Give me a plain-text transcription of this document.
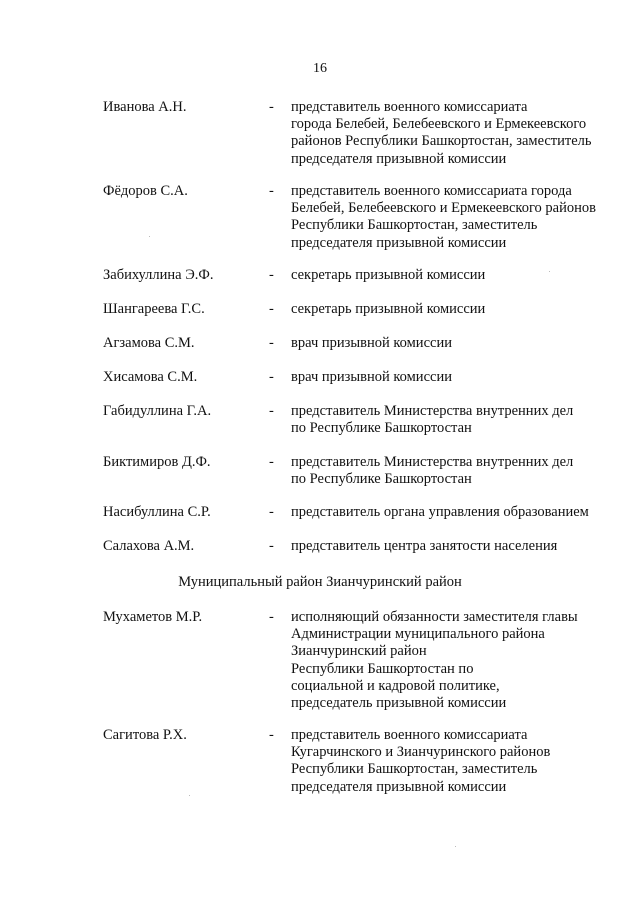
16
Иванова А.Н.	- представитель военного комиссариата
города Белебей, Белебеевского и Ермекеевского
районов Республики Башкортостан, заместитель
председателя призывной комиссии
Фёдоров С.А.	- представитель военного комиссариата города
Белебей, Белебеевского и Ермекеевского районов
Республики Башкортостан, заместитель
председателя призывной комиссии
Забихуллина Э.Ф.	- секретарь призывной комиссии
Шангареева Г.С.	- секретарь призывной комиссии
Агзамова С.М.	- врач призывной комиссии
Хисамова С.М.	- врач призывной комиссии
Габидуллина Г.А.	- представитель Министерства внутренних дел
по Республике Башкортостан
Биктимиров Д.Ф.	- представитель Министерства внутренних дел
по Республике Башкортостан
Насибуллина С.Р.	- представитель органа управления образованием
Салахова А.М.	- представитель центра занятости населения
Муниципальный район Зианчуринский район
Мухаметов М.Р.	- исполняющий обязанности заместителя главы
Администрации муниципального района
Зианчуринский район
Республики Башкортостан по
социальной и кадровой политике,
председатель призывной комиссии
Сагитова Р.Х.	- представитель военного комиссариата
Кугарчинского и Зианчуринского районов
Республики Башкортостан, заместитель
председателя призывной комиссии
